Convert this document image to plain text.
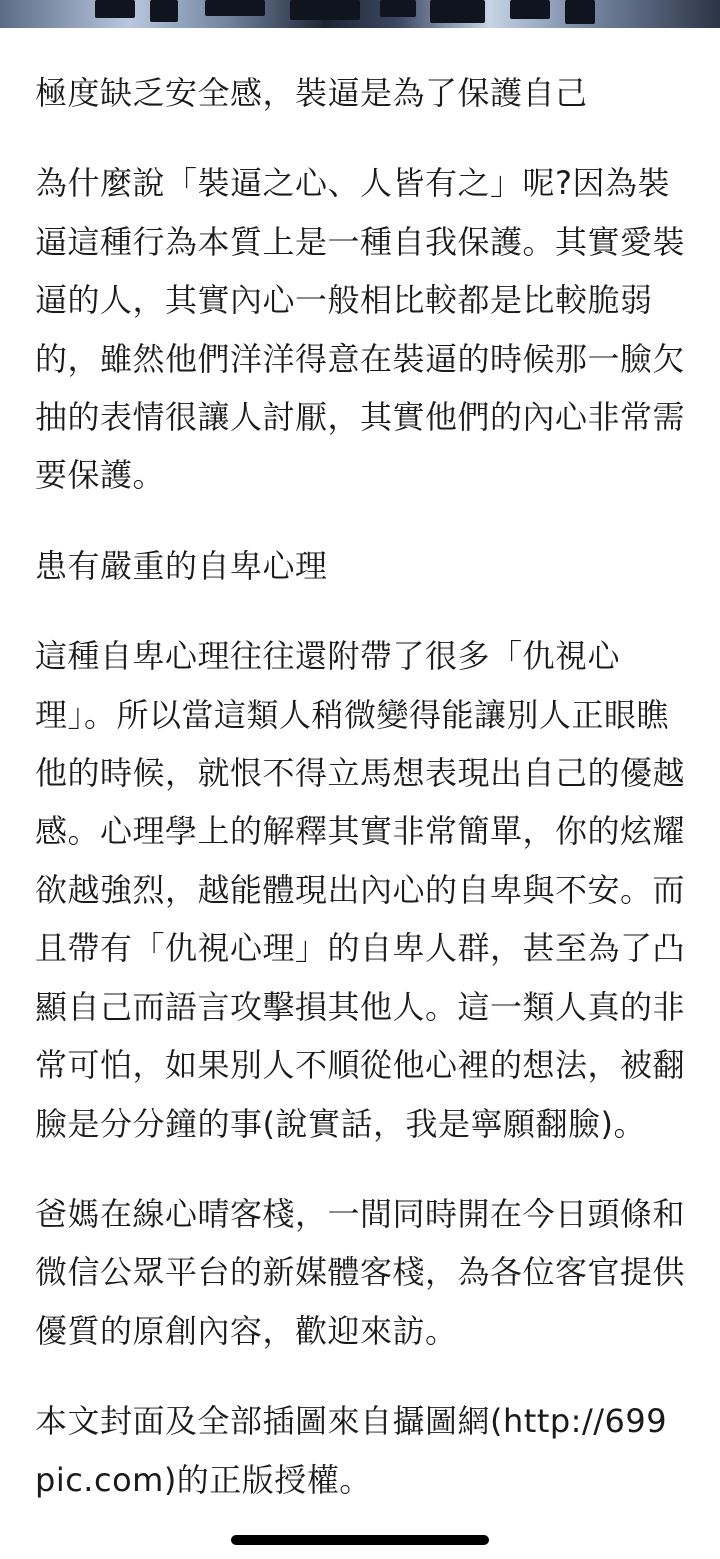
極度缺乏安全感，裝逼是為了保護自己

為什麼說「裝逼之心、人皆有之」呢?因為裝逼這種行為本質上是一種自我保護。其實愛裝逼的人，其實內心一般相比較都是比較脆弱的，雖然他們洋洋得意在裝逼的時候那一臉欠抽的表情很讓人討厭，其實他們的內心非常需要保護。

患有嚴重的自卑心理

這種自卑心理往往還附帶了很多「仇視心理」。所以當這類人稍微變得能讓別人正眼瞧他的時候，就恨不得立馬想表現出自己的優越感。心理學上的解釋其實非常簡單，你的炫耀欲越強烈，越能體現出內心的自卑與不安。而且帶有「仇視心理」的自卑人群，甚至為了凸顯自己而語言攻擊損其他人。這一類人真的非常可怕，如果別人不順從他心裡的想法，被翻臉是分分鐘的事(說實話，我是寧願翻臉)。

爸媽在線心晴客棧，一間同時開在今日頭條和微信公眾平台的新媒體客棧，為各位客官提供優質的原創內容，歡迎來訪。

本文封面及全部插圖來自攝圖網(http://699pic.com)的正版授權。
